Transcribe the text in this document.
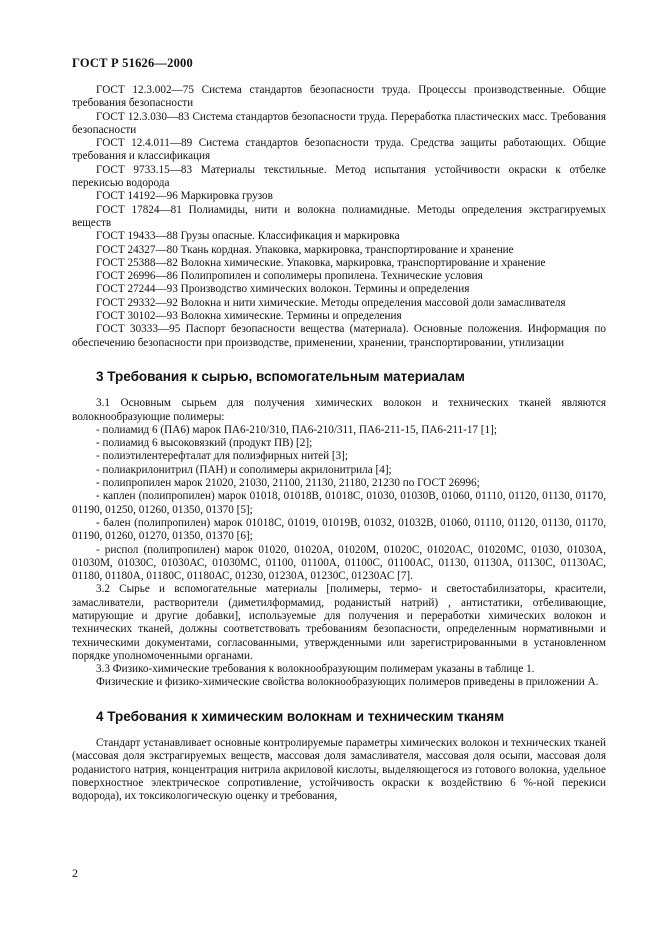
ГОСТ Р 51626—2000

ГОСТ 12.3.002—75 Система стандартов безопасности труда. Процессы производственные. Общие требования безопасности

ГОСТ 12.3.030—83 Система стандартов безопасности труда. Переработка пластических масс. Требования безопасности

ГОСТ 12.4.011—89 Система стандартов безопасности труда. Средства защиты работающих. Общие требования и классификация

ГОСТ 9733.15—83 Материалы текстильные. Метод испытания устойчивости окраски к отбелке перекисью водорода

ГОСТ 14192—96 Маркировка грузов

ГОСТ 17824—81 Полиамиды, нити и волокна полиамидные. Методы определения экстрагируемых веществ

ГОСТ 19433—88 Грузы опасные. Классификация и маркировка

ГОСТ 24327—80 Ткань кордная. Упаковка, маркировка, транспортирование и хранение

ГОСТ 25388—82 Волокна химические. Упаковка, маркировка, транспортирование и хранение

ГОСТ 26996—86 Полипропилен и сополимеры пропилена. Технические условия

ГОСТ 27244—93 Производство химических волокон. Термины и определения

ГОСТ 29332—92 Волокна и нити химические. Методы определения массовой доли замасливателя

ГОСТ 30102—93 Волокна химические. Термины и определения

ГОСТ 30333—95 Паспорт безопасности вещества (материала). Основные положения. Информация по обеспечению безопасности при производстве, применении, хранении, транспортировании, утилизации

3 Требования к сырью, вспомогательным материалам

3.1 Основным сырьем для получения химических волокон и технических тканей являются волокнообразующие полимеры:

- полиамид 6 (ПА6) марок ПА6-210/310, ПА6-210/311, ПА6-211-15, ПА6-211-17 [1];

- полиамид 6 высоковязкий (продукт ПВ) [2];

- полиэтилентерефталат для полиэфирных нитей [3];

- полиакрилонитрил (ПАН) и сополимеры акрилонитрила [4];

- полипропилен марок 21020, 21030, 21100, 21130, 21180, 21230 по ГОСТ 26996;

- каплен (полипропилен) марок 01018, 01018В, 01018С, 01030, 01030В, 01060, 01110, 01120, 01130, 01170, 01190, 01250, 01260, 01350, 01370 [5];

- бален (полипропилен) марок 01018С, 01019, 01019В, 01032, 01032В, 01060, 01110, 01120, 01130, 01170, 01190, 01260, 01270, 01350, 01370 [6];

- риспол (полипропилен) марок 01020, 01020А, 01020М, 01020С, 01020АС, 01020МС, 01030, 01030А, 01030М, 01030С, 01030АС, 01030МС, 01100, 01100А, 01100С, 01100АС, 01130, 01130А, 01130С, 01130АС, 01180, 01180А, 01180С, 01180АС, 01230, 01230А, 01230С, 01230АС [7].

3.2 Сырье и вспомогательные материалы [полимеры, термо- и светостабилизаторы, красители, замасливатели, растворители (диметилформамид, роданистый натрий) , антистатики, отбеливающие, матирующие и другие добавки], используемые для получения и переработки химических волокон и технических тканей, должны соответствовать требованиям безопасности, определенным нормативными и техническими документами, согласованными, утвержденными или зарегистрированными в установленном порядке уполномоченными органами.

3.3 Физико-химические требования к волокнообразующим полимерам указаны в таблице 1.

Физические и физико-химические свойства волокнообразующих полимеров приведены в приложении А.

4 Требования к химическим волокнам и техническим тканям

Стандарт устанавливает основные контролируемые параметры химических волокон и технических тканей (массовая доля экстрагируемых веществ, массовая доля замасливателя, массовая доля осыпи, массовая доля роданистого натрия, концентрация нитрила акриловой кислоты, выделяющегося из готового волокна, удельное поверхностное электрическое сопротивление, устойчивость окраски к воздействию 6 %-ной перекиси водорода), их токсикологическую оценку и требования,

2
